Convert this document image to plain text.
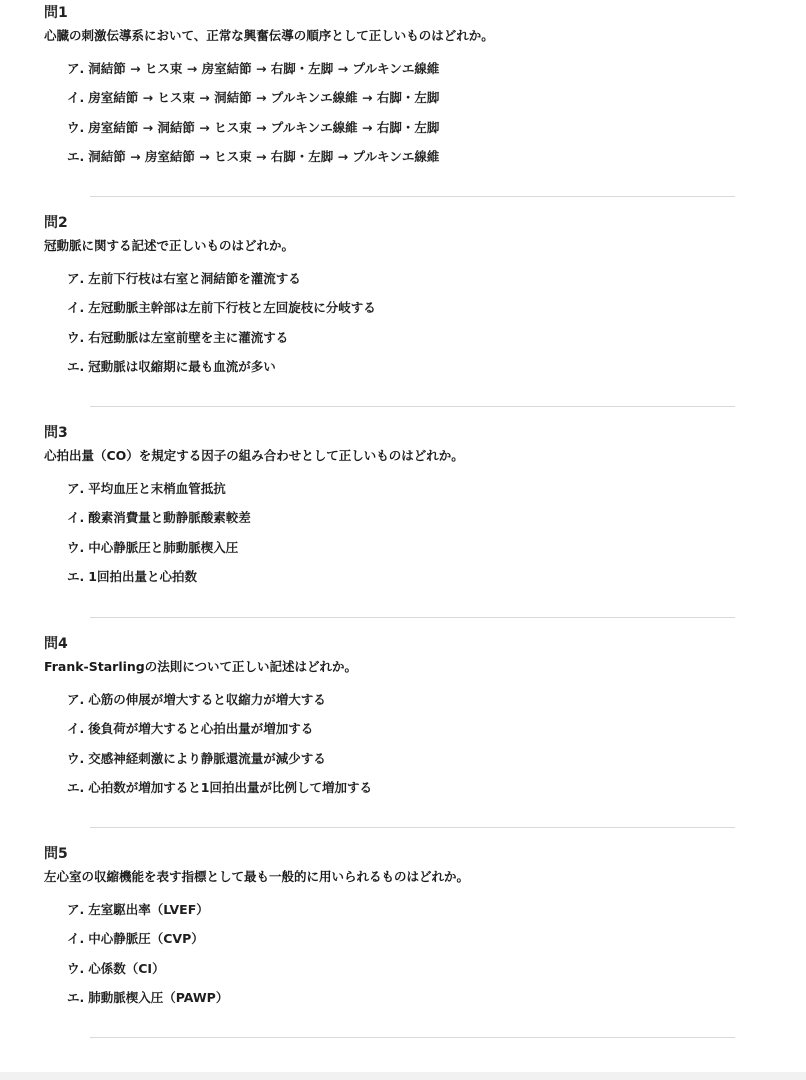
問1
心臓の刺激伝導系において、正常な興奮伝導の順序として正しいものはどれか。
ア. 洞結節 → ヒス束 → 房室結節 → 右脚・左脚 → プルキンエ線維
イ. 房室結節 → ヒス束 → 洞結節 → プルキンエ線維 → 右脚・左脚
ウ. 房室結節 → 洞結節 → ヒス束 → プルキンエ線維 → 右脚・左脚
エ. 洞結節 → 房室結節 → ヒス束 → 右脚・左脚 → プルキンエ線維
問2
冠動脈に関する記述で正しいものはどれか。
ア. 左前下行枝は右室と洞結節を灌流する
イ. 左冠動脈主幹部は左前下行枝と左回旋枝に分岐する
ウ. 右冠動脈は左室前壁を主に灌流する
エ. 冠動脈は収縮期に最も血流が多い
問3
心拍出量（CO）を規定する因子の組み合わせとして正しいものはどれか。
ア. 平均血圧と末梢血管抵抗
イ. 酸素消費量と動静脈酸素較差
ウ. 中心静脈圧と肺動脈楔入圧
エ. 1回拍出量と心拍数
問4
Frank-Starlingの法則について正しい記述はどれか。
ア. 心筋の伸展が増大すると収縮力が増大する
イ. 後負荷が増大すると心拍出量が増加する
ウ. 交感神経刺激により静脈還流量が減少する
エ. 心拍数が増加すると1回拍出量が比例して増加する
問5
左心室の収縮機能を表す指標として最も一般的に用いられるものはどれか。
ア. 左室駆出率（LVEF）
イ. 中心静脈圧（CVP）
ウ. 心係数（CI）
エ. 肺動脈楔入圧（PAWP）
